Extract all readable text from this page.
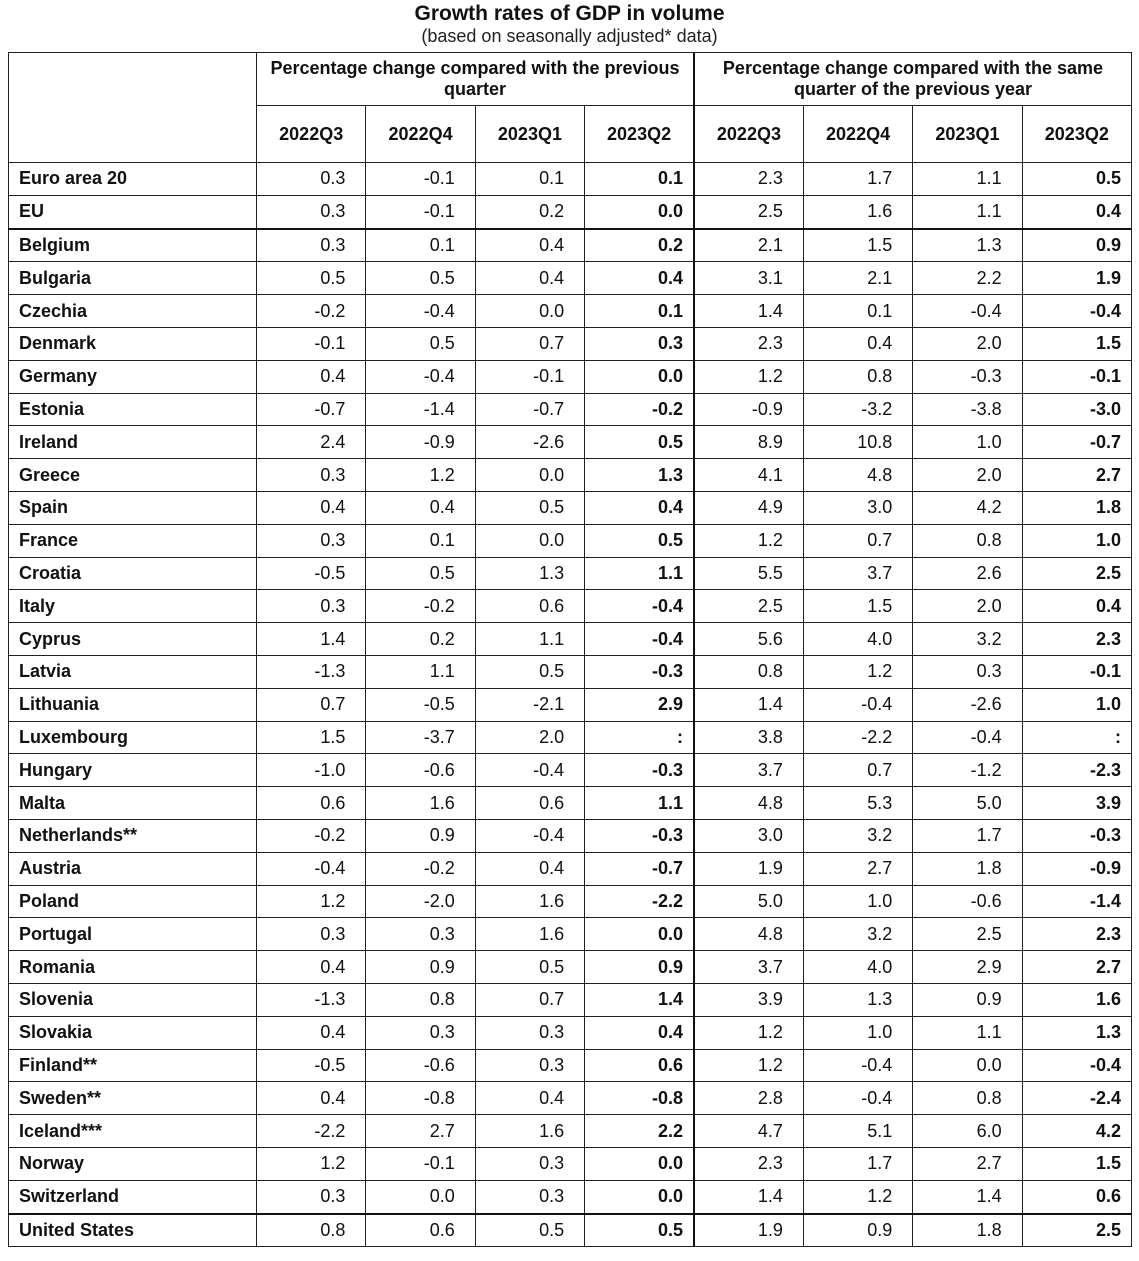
Growth rates of GDP in volume
(based on seasonally adjusted* data)
	Percentage change compared with the previous quarter				Percentage change compared with the same quarter of the previous year			
	2022Q3	2022Q4	2023Q1	2023Q2	2022Q3	2022Q4	2023Q1	2023Q2
Euro area 20	0.3	-0.1	0.1	0.1	2.3	1.7	1.1	0.5
EU	0.3	-0.1	0.2	0.0	2.5	1.6	1.1	0.4
Belgium	0.3	0.1	0.4	0.2	2.1	1.5	1.3	0.9
Bulgaria	0.5	0.5	0.4	0.4	3.1	2.1	2.2	1.9
Czechia	-0.2	-0.4	0.0	0.1	1.4	0.1	-0.4	-0.4
Denmark	-0.1	0.5	0.7	0.3	2.3	0.4	2.0	1.5
Germany	0.4	-0.4	-0.1	0.0	1.2	0.8	-0.3	-0.1
Estonia	-0.7	-1.4	-0.7	-0.2	-0.9	-3.2	-3.8	-3.0
Ireland	2.4	-0.9	-2.6	0.5	8.9	10.8	1.0	-0.7
Greece	0.3	1.2	0.0	1.3	4.1	4.8	2.0	2.7
Spain	0.4	0.4	0.5	0.4	4.9	3.0	4.2	1.8
France	0.3	0.1	0.0	0.5	1.2	0.7	0.8	1.0
Croatia	-0.5	0.5	1.3	1.1	5.5	3.7	2.6	2.5
Italy	0.3	-0.2	0.6	-0.4	2.5	1.5	2.0	0.4
Cyprus	1.4	0.2	1.1	-0.4	5.6	4.0	3.2	2.3
Latvia	-1.3	1.1	0.5	-0.3	0.8	1.2	0.3	-0.1
Lithuania	0.7	-0.5	-2.1	2.9	1.4	-0.4	-2.6	1.0
Luxembourg	1.5	-3.7	2.0	:	3.8	-2.2	-0.4	:
Hungary	-1.0	-0.6	-0.4	-0.3	3.7	0.7	-1.2	-2.3
Malta	0.6	1.6	0.6	1.1	4.8	5.3	5.0	3.9
Netherlands**	-0.2	0.9	-0.4	-0.3	3.0	3.2	1.7	-0.3
Austria	-0.4	-0.2	0.4	-0.7	1.9	2.7	1.8	-0.9
Poland	1.2	-2.0	1.6	-2.2	5.0	1.0	-0.6	-1.4
Portugal	0.3	0.3	1.6	0.0	4.8	3.2	2.5	2.3
Romania	0.4	0.9	0.5	0.9	3.7	4.0	2.9	2.7
Slovenia	-1.3	0.8	0.7	1.4	3.9	1.3	0.9	1.6
Slovakia	0.4	0.3	0.3	0.4	1.2	1.0	1.1	1.3
Finland**	-0.5	-0.6	0.3	0.6	1.2	-0.4	0.0	-0.4
Sweden**	0.4	-0.8	0.4	-0.8	2.8	-0.4	0.8	-2.4
Iceland***	-2.2	2.7	1.6	2.2	4.7	5.1	6.0	4.2
Norway	1.2	-0.1	0.3	0.0	2.3	1.7	2.7	1.5
Switzerland	0.3	0.0	0.3	0.0	1.4	1.2	1.4	0.6
United States	0.8	0.6	0.5	0.5	1.9	0.9	1.8	2.5
